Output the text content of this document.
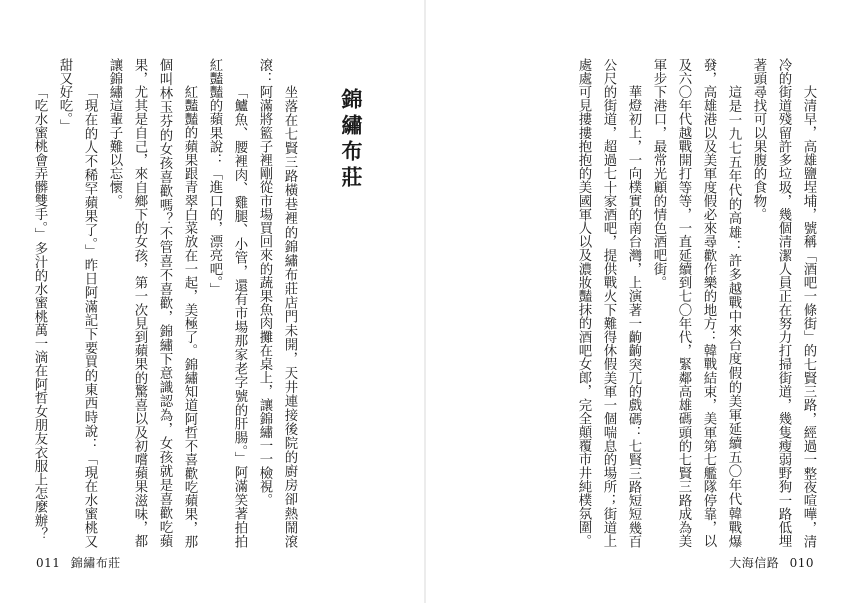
坐落在七賢三路橫巷裡的錦繡布莊店門未開，天井連接後院的廚房卻熱鬧滾滾：阿滿將籃子裡剛從市場買回來的蔬果魚肉攤在桌上，讓錦繡一一檢視。

「鱸魚、腰裡肉、雞腿、小管，還有市場那家老字號的肝腸。」阿滿笑著拍拍紅豔豔的蘋果說：「進口的，漂亮吧。」

紅豔豔的蘋果跟青翠白菜放在一起，美極了。錦繡知道阿哲不喜歡吃蘋果，那個叫林玉芬的女孩喜歡嗎？不管喜不喜歡，錦繡下意識認為，女孩就是喜歡吃蘋果，尤其是自己，來自鄉下的女孩，第一次見到蘋果的驚喜以及初嚐蘋果滋味，都讓錦繡這輩子難以忘懷。

「現在的人不稀罕蘋果了。」昨日阿滿記下要買的東西時說：「現在水蜜桃又甜又好吃。」

「吃水蜜桃會弄髒雙手。」多汁的水蜜桃萬一滴在阿哲女朋友衣服上怎麼辦？	錦繡布莊
011 錦繡布莊

大清早，高雄鹽埕埔，號稱「酒吧一條街」的七賢三路，經過一整夜喧嘩，清冷的街道殘留許多垃圾，幾個清潔人員正在努力打掃街道，幾隻瘦弱野狗一路低埋著頭尋找可以果腹的食物。

這是一九七五年代的高雄：許多越戰中來台度假的美軍延續五〇年代韓戰爆發，高雄港以及美軍度假必來尋歡作樂的地方：韓戰結束，美軍第七艦隊停靠，以及六〇年代越戰開打等等，一直延續到七〇年代，緊鄰高雄碼頭的七賢三路成為美軍步下港口，最常光顧的情色酒吧街。

華燈初上，一向樸實的南台灣，上演著一齣齣突兀的戲碼：七賢三路短短幾百公尺的街道，超過七十家酒吧，提供戰火下難得休假美軍一個喘息的場所；街道上處處可見摟摟抱抱的美國軍人以及濃妝豔抹的酒吧女郎，完全顛覆市井純樸氛圍。

大海信路 010
